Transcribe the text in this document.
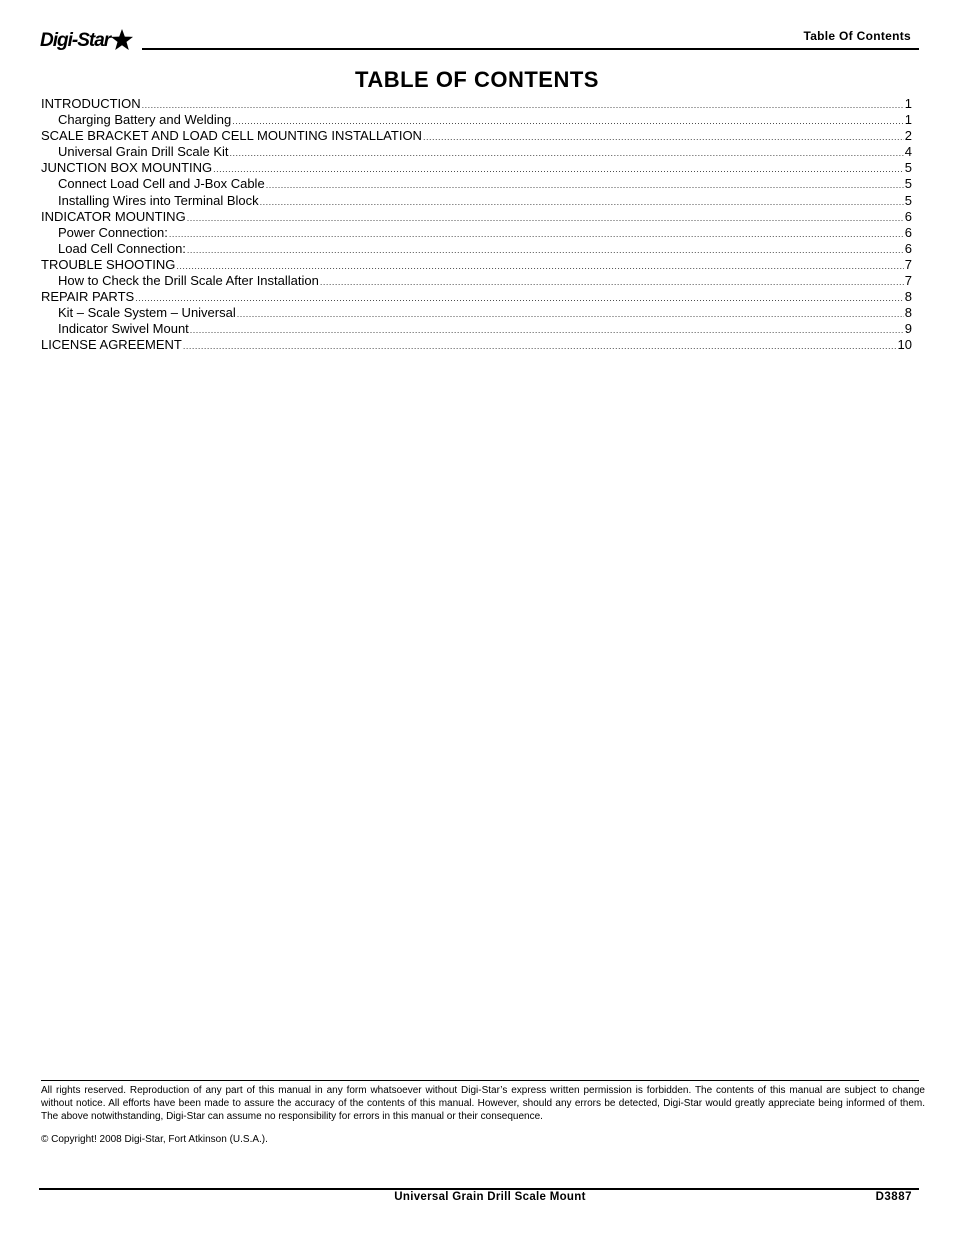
Digi-Star	Table Of Contents
TABLE OF CONTENTS
INTRODUCTION .....	1
Charging Battery and Welding .....	1
SCALE BRACKET AND LOAD CELL MOUNTING INSTALLATION .....	2
Universal Grain Drill Scale Kit .....	4
JUNCTION BOX MOUNTING .....	5
Connect Load Cell and J-Box Cable .....	5
Installing Wires into Terminal Block .....	5
INDICATOR MOUNTING .....	6
Power Connection: .....	6
Load Cell Connection: .....	6
TROUBLE SHOOTING .....	7
How to Check the Drill Scale After Installation .....	7
REPAIR PARTS .....	8
Kit – Scale System – Universal .....	8
Indicator Swivel Mount .....	9
LICENSE AGREEMENT .....	10
All rights reserved. Reproduction of any part of this manual in any form whatsoever without Digi-Star’s express written permission is forbidden. The contents of this manual are subject to change without notice. All efforts have been made to assure the accuracy of the contents of this manual. However, should any errors be detected, Digi-Star would greatly appreciate being informed of them. The above notwithstanding, Digi-Star can assume no responsibility for errors in this manual or their consequence.
© Copyright! 2008 Digi-Star, Fort Atkinson (U.S.A.).
Universal Grain Drill Scale Mount	D3887
